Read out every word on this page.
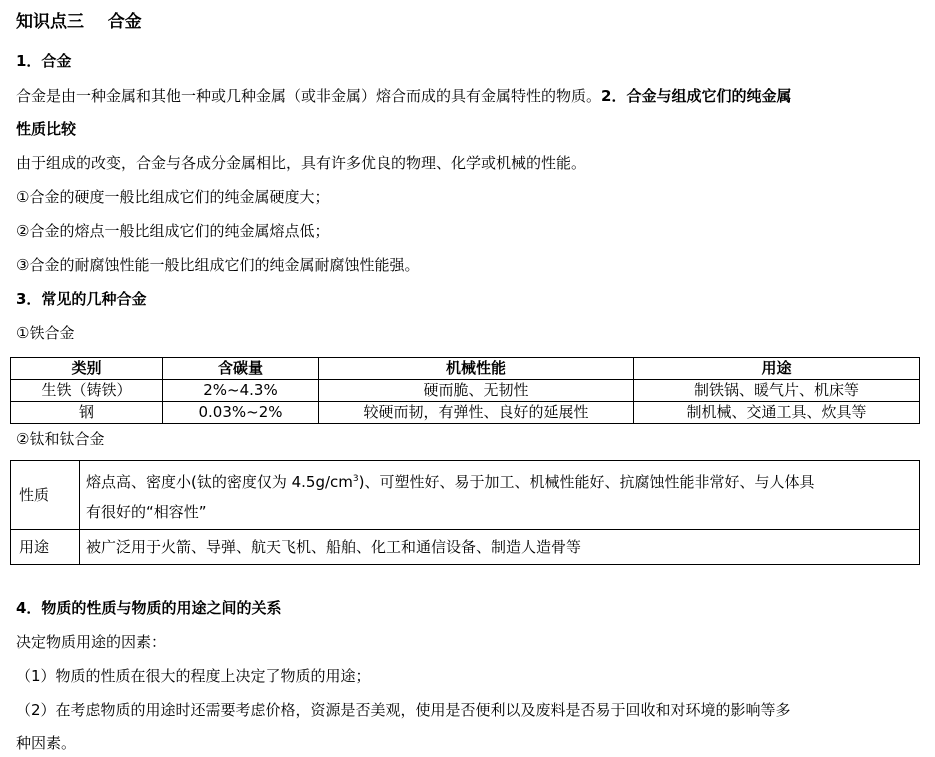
知识点三 合金
1．合金
合金是由一种金属和其他一种或几种金属（或非金属）熔合而成的具有金属特性的物质。2．合金与组成它们的纯金属
性质比较
由于组成的改变，合金与各成分金属相比，具有许多优良的物理、化学或机械的性能。
①合金的硬度一般比组成它们的纯金属硬度大；
②合金的熔点一般比组成它们的纯金属熔点低；
③合金的耐腐蚀性能一般比组成它们的纯金属耐腐蚀性能强。
3．常见的几种合金
①铁合金
类别	含碳量	机械性能	用途
生铁（铸铁）	2%~4.3%	硬而脆、无韧性	制铁锅、暖气片、机床等
钢	0.03%~2%	较硬而韧，有弹性、良好的延展性	制机械、交通工具、炊具等
②钛和钛合金
性质	熔点高、密度小(钛的密度仅为 $4.5g/cm^3$)、可塑性好、易于加工、机械性能好、抗腐蚀性能非常好、与人体具
有很好的“相容性”
用途	被广泛用于火箭、导弹、航天飞机、船舶、化工和通信设备、制造人造骨等
4．物质的性质与物质的用途之间的关系
决定物质用途的因素：
（1）物质的性质在很大的程度上决定了物质的用途；
（2）在考虑物质的用途时还需要考虑价格，资源是否美观，使用是否便利以及废料是否易于回收和对环境的影响等多
种因素。
